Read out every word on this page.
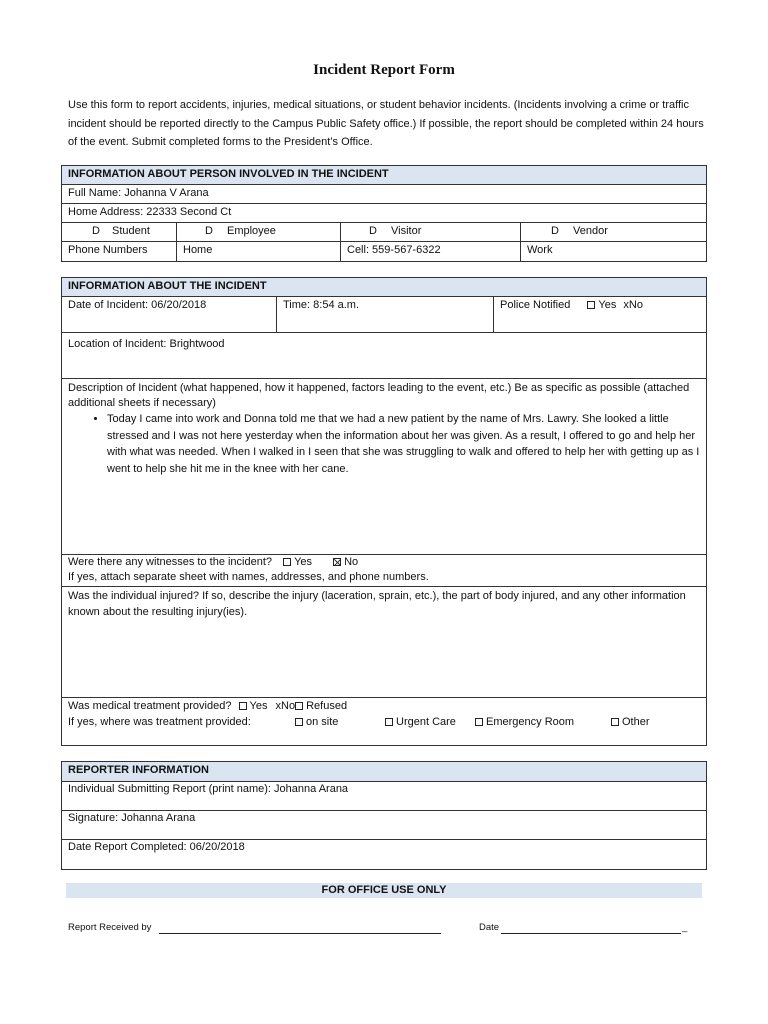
Incident Report Form
Use this form to report accidents, injuries, medical situations, or student behavior incidents. (Incidents involving a crime or traffic incident should be reported directly to the Campus Public Safety office.) If possible, the report should be completed within 24 hours of the event. Submit completed forms to the President’s Office.
INFORMATION ABOUT PERSON INVOLVED IN THE INCIDENT
Full Name: Johanna V Arana
Home Address: 22333 Second Ct
D Student	D Employee	D Visitor	D Vendor
Phone Numbers	Home	Cell: 559-567-6322	Work
INFORMATION ABOUT THE INCIDENT
Date of Incident: 06/20/2018	Time: 8:54 a.m.	Police Notified	Yes xNo
Location of Incident: Brightwood
Description of Incident (what happened, how it happened, factors leading to the event, etc.) Be as specific as possible (attached additional sheets if necessary)
• Today I came into work and Donna told me that we had a new patient by the name of Mrs. Lawry. She looked a little stressed and I was not here yesterday when the information about her was given. As a result, I offered to go and help her with what was needed. When I walked in I seen that she was struggling to walk and offered to help her with getting up as I went to help she hit me in the knee with her cane.
Were there any witnesses to the incident? Yes	No
If yes, attach separate sheet with names, addresses, and phone numbers.
Was the individual injured? If so, describe the injury (laceration, sprain, etc.), the part of body injured, and any other information known about the resulting injury(ies).
Was medical treatment provided? Yes xNo Refused
If yes, where was treatment provided:	on site	Urgent Care	Emergency Room	Other
REPORTER INFORMATION
Individual Submitting Report (print name): Johanna Arana
Signature: Johanna Arana
Date Report Completed: 06/20/2018
FOR OFFICE USE ONLY
Report Received by	Date	_
